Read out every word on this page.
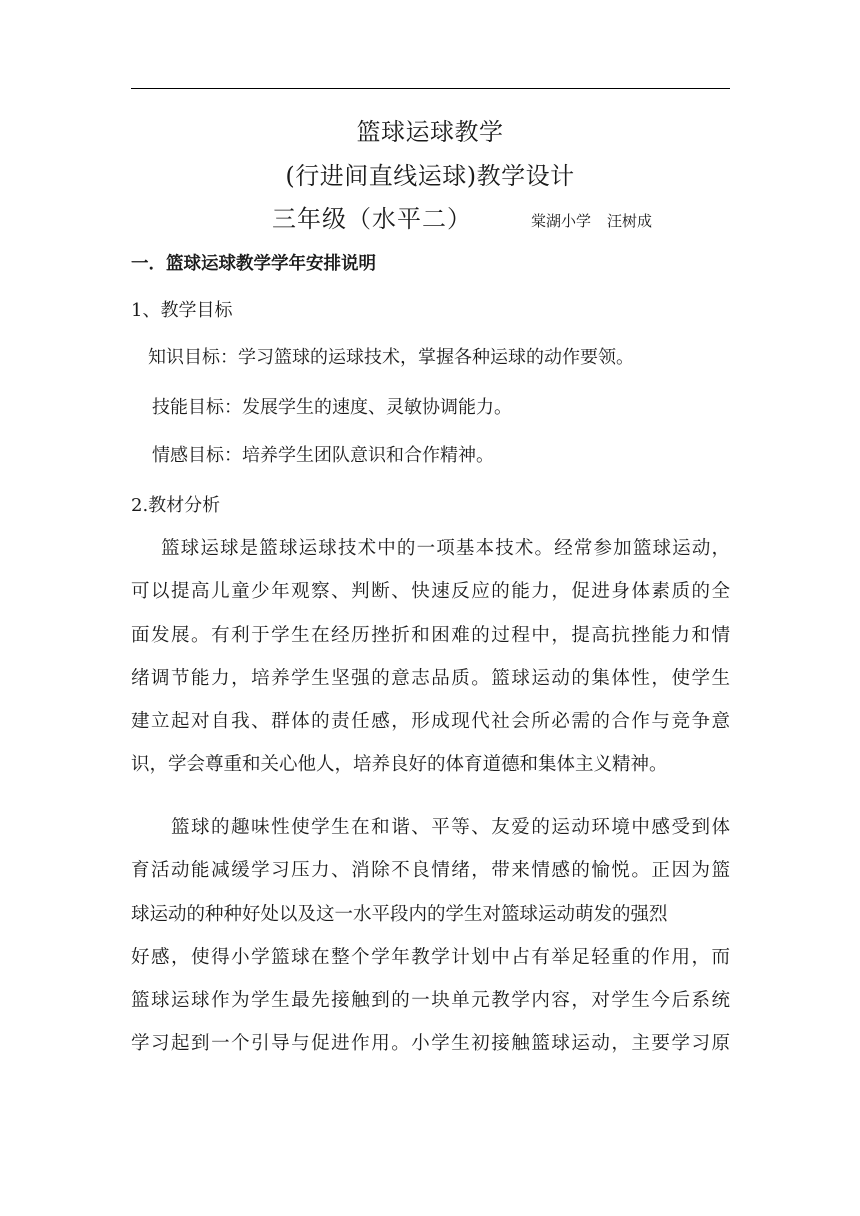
篮球运球教学
(行进间直线运球)教学设计
三年级（水平二）	棠湖小学 汪树成
一．篮球运球教学学年安排说明
1、教学目标
知识目标：学习篮球的运球技术，掌握各种运球的动作要领。
技能目标：发展学生的速度、灵敏协调能力。
情感目标：培养学生团队意识和合作精神。
2.教材分析
篮球运球是篮球运球技术中的一项基本技术。经常参加篮球运动，
可以提高儿童少年观察、判断、快速反应的能力，促进身体素质的全
面发展。有利于学生在经历挫折和困难的过程中，提高抗挫能力和情
绪调节能力，培养学生坚强的意志品质。篮球运动的集体性，使学生
建立起对自我、群体的责任感，形成现代社会所必需的合作与竞争意
识，学会尊重和关心他人，培养良好的体育道德和集体主义精神。
篮球的趣味性使学生在和谐、平等、友爱的运动环境中感受到体
育活动能减缓学习压力、消除不良情绪，带来情感的愉悦。正因为篮
球运动的种种好处以及这一水平段内的学生对篮球运动萌发的强烈
好感，使得小学篮球在整个学年教学计划中占有举足轻重的作用，而
篮球运球作为学生最先接触到的一块单元教学内容，对学生今后系统
学习起到一个引导与促进作用。小学生初接触篮球运动，主要学习原
